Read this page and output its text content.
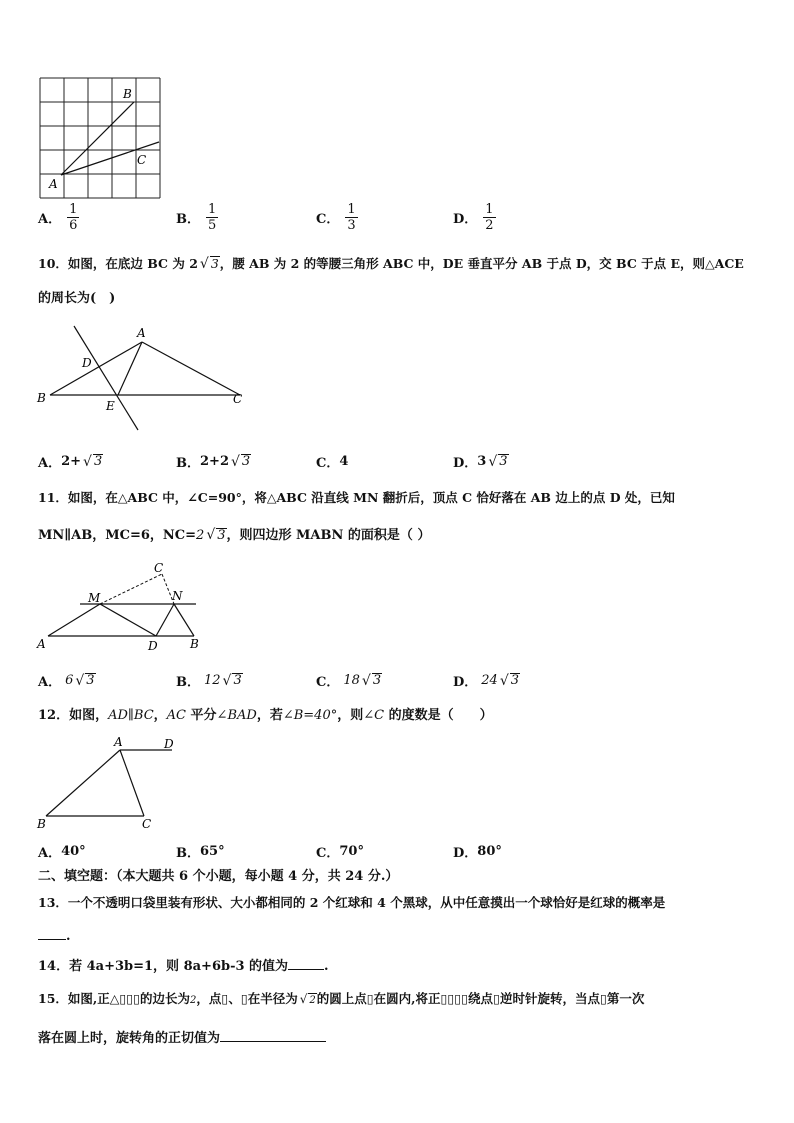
A
B
C
A． $\frac{1}{6}$	B． $\frac{1}{5}$	C． $\frac{1}{3}$	D． $\frac{1}{2}$
10．如图，在底边 BC 为 2 √ 3，腰 AB 为 2 的等腰三角形 ABC 中，DE 垂直平分 AB 于点 D，交 BC 于点 E，则△ACE
的周长为(　)
A
B	C
D
E
A． 2+ √ 3	B． 2+2 √ 3	C． 4	D． 3 √ 3
11．如图，在△ABC 中，∠C=90°，将△ABC 沿直线 MN 翻折后，顶点 C 恰好落在 AB 边上的点 D 处，已知
MN∥AB，MC=6，NC=2 √ 3，则四边形 MABN 的面积是（ ）
A	B
C
D
M	N
A． 6 √ 3	B． 12 √ 3	C． 18 √ 3	D． 24 √ 3
12．如图，AD∥BC，AC 平分∠BAD，若∠B=40°，则∠C 的度数是（　　）
A	D
B	C
A． 40°	B． 65°	C． 70°	D． 80°
二、填空题：（本大题共 6 个小题，每小题 4 分，共 24 分.）
13．一个不透明口袋里装有形状、大小都相同的 2 个红球和 4 个黑球，从中任意摸出一个球恰好是红球的概率是
.
14．若 4a+3b=1，则 8a+6b-3 的值为	.
15．如图,正△▯▯▯的边长为2，点▯、▯在半径为 √ 2的圆上点▯在圆内,将正▯▯▯▯绕点▯逆时针旋转，当点▯第一次
落在圆上时，旋转角的正切值为
